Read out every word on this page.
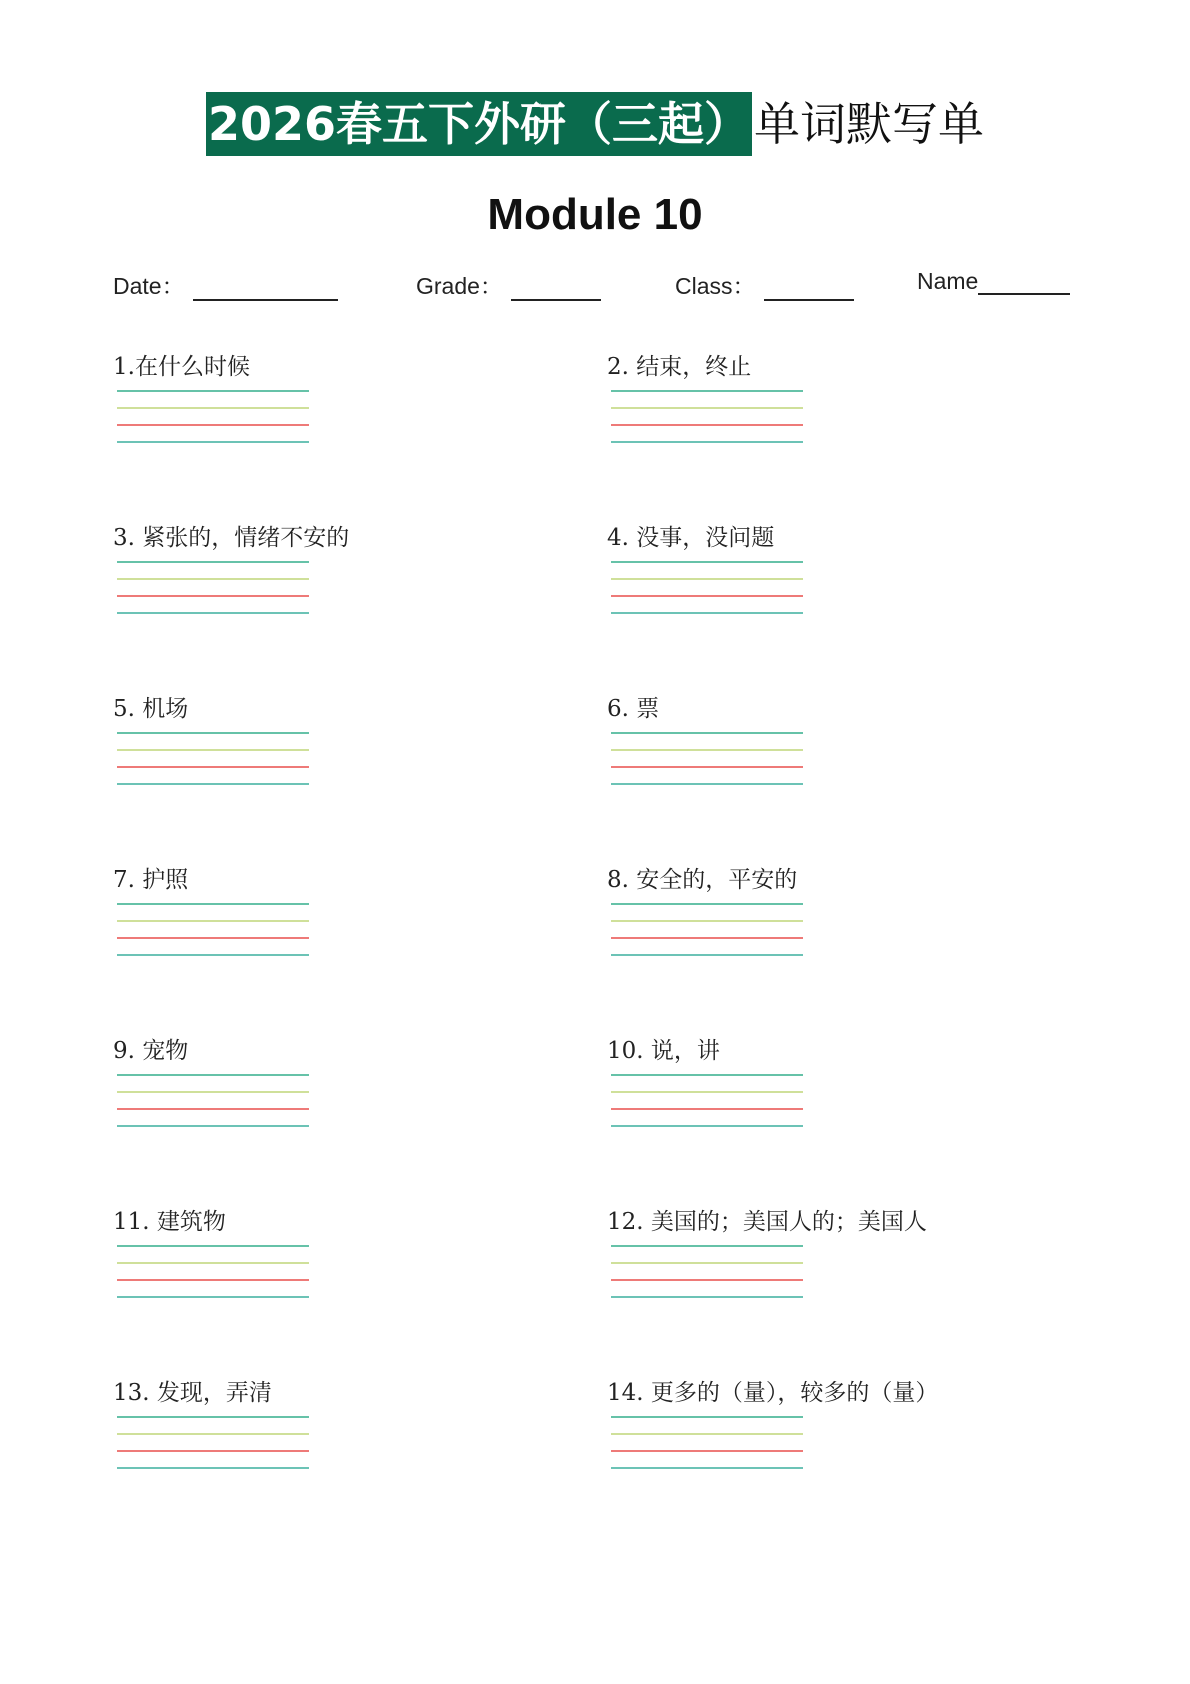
2026春五下外研（三起）单词默写单
Module 10
Date：	Grade：	Class：	Name
1.在什么时候	2. 结束，终止
3. 紧张的，情绪不安的	4. 没事，没问题
5. 机场	6. 票
7. 护照	8. 安全的，平安的
9. 宠物	10. 说，讲
11. 建筑物	12. 美国的；美国人的；美国人
13. 发现，弄清	14. 更多的（量），较多的（量）
